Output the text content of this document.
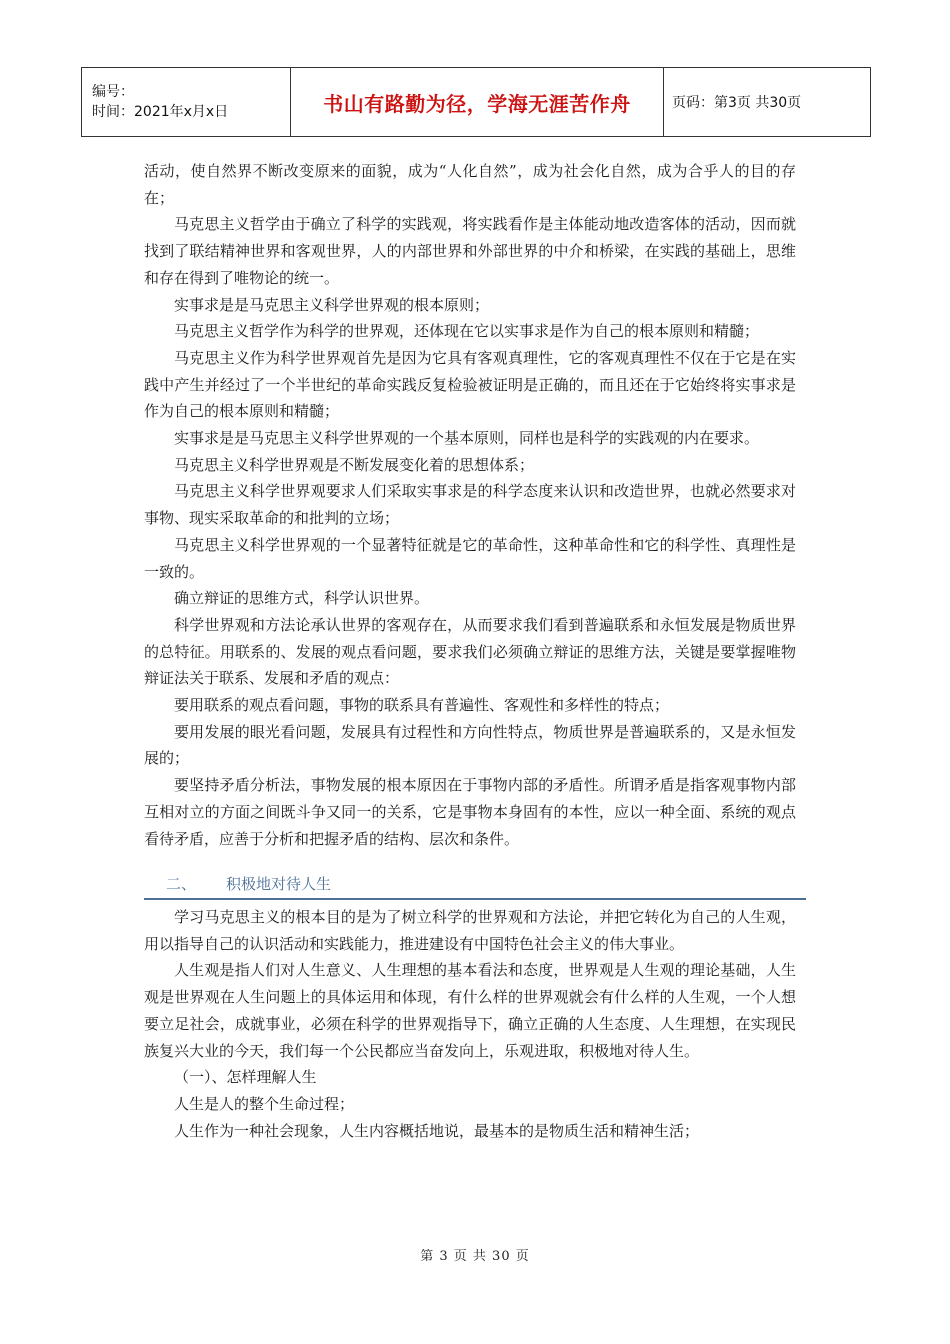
编号：
时间：2021年x月x日	书山有路勤为径，学海无涯苦作舟	页码：第3页 共30页

活动，使自然界不断改变原来的面貌，成为“人化自然”，成为社会化自然，成为合乎人的目的存在；

马克思主义哲学由于确立了科学的实践观，将实践看作是主体能动地改造客体的活动，因而就找到了联结精神世界和客观世界，人的内部世界和外部世界的中介和桥梁，在实践的基础上，思维和存在得到了唯物论的统一。

实事求是是马克思主义科学世界观的根本原则；

马克思主义哲学作为科学的世界观，还体现在它以实事求是作为自己的根本原则和精髓；

马克思主义作为科学世界观首先是因为它具有客观真理性，它的客观真理性不仅在于它是在实践中产生并经过了一个半世纪的革命实践反复检验被证明是正确的，而且还在于它始终将实事求是作为自己的根本原则和精髓；

实事求是是马克思主义科学世界观的一个基本原则，同样也是科学的实践观的内在要求。

马克思主义科学世界观是不断发展变化着的思想体系；

马克思主义科学世界观要求人们采取实事求是的科学态度来认识和改造世界，也就必然要求对事物、现实采取革命的和批判的立场；

马克思主义科学世界观的一个显著特征就是它的革命性，这种革命性和它的科学性、真理性是一致的。

确立辩证的思维方式，科学认识世界。

科学世界观和方法论承认世界的客观存在，从而要求我们看到普遍联系和永恒发展是物质世界的总特征。用联系的、发展的观点看问题，要求我们必须确立辩证的思维方法，关键是要掌握唯物辩证法关于联系、发展和矛盾的观点：

要用联系的观点看问题，事物的联系具有普遍性、客观性和多样性的特点；

要用发展的眼光看问题，发展具有过程性和方向性特点，物质世界是普遍联系的，又是永恒发展的；

要坚持矛盾分析法，事物发展的根本原因在于事物内部的矛盾性。所谓矛盾是指客观事物内部互相对立的方面之间既斗争又同一的关系，它是事物本身固有的本性，应以一种全面、系统的观点看待矛盾，应善于分析和把握矛盾的结构、层次和条件。

二、 积极地对待人生

学习马克思主义的根本目的是为了树立科学的世界观和方法论，并把它转化为自己的人生观，用以指导自己的认识活动和实践能力，推进建设有中国特色社会主义的伟大事业。

人生观是指人们对人生意义、人生理想的基本看法和态度，世界观是人生观的理论基础，人生观是世界观在人生问题上的具体运用和体现，有什么样的世界观就会有什么样的人生观，一个人想要立足社会，成就事业，必须在科学的世界观指导下，确立正确的人生态度、人生理想，在实现民族复兴大业的今天，我们每一个公民都应当奋发向上，乐观进取，积极地对待人生。

（一）、怎样理解人生

人生是人的整个生命过程；

人生作为一种社会现象，人生内容概括地说，最基本的是物质生活和精神生活；

第 3 页 共 30 页
